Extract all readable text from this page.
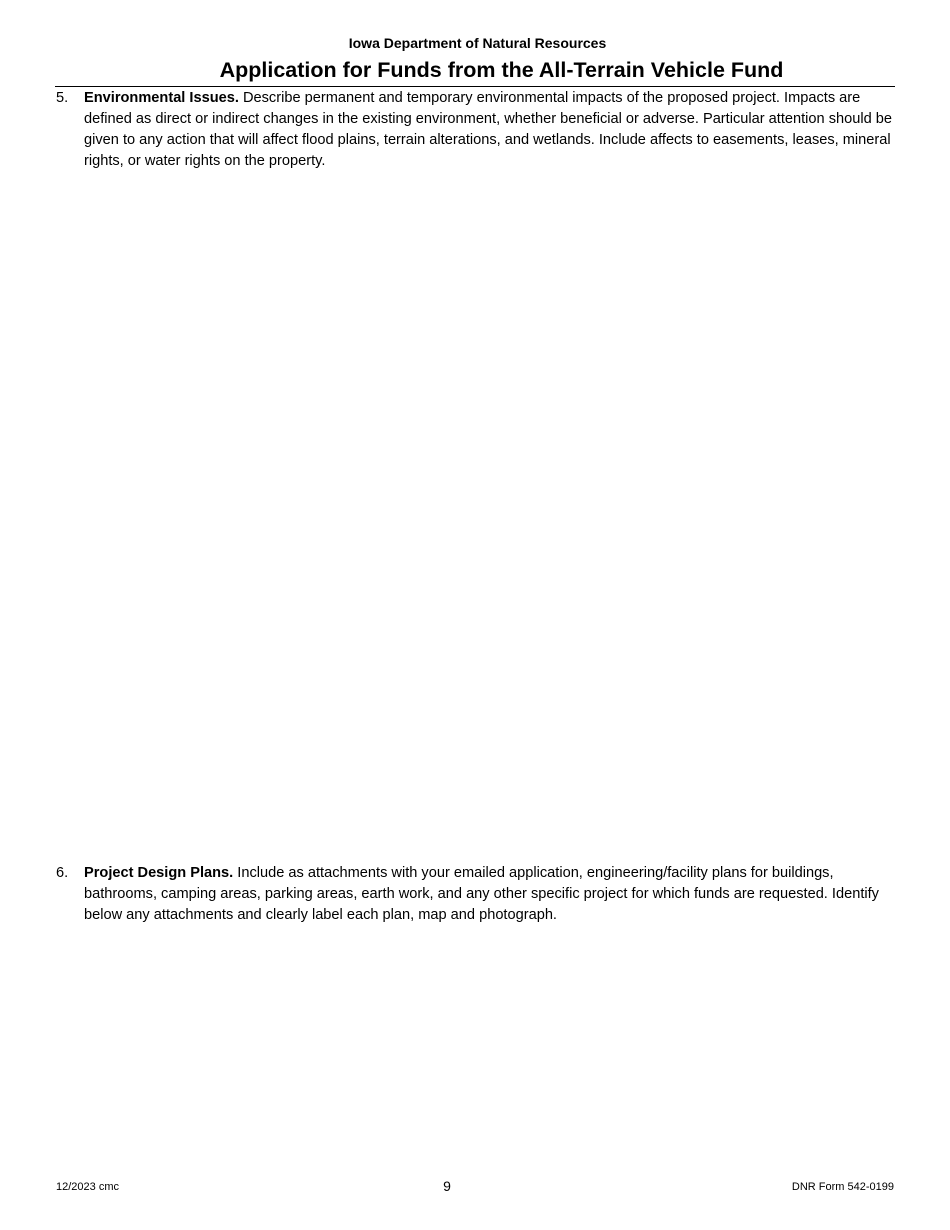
Iowa Department of Natural Resources
Application for Funds from the All-Terrain Vehicle Fund
5. Environmental Issues. Describe permanent and temporary environmental impacts of the proposed project. Impacts are defined as direct or indirect changes in the existing environment, whether beneficial or adverse. Particular attention should be given to any action that will affect flood plains, terrain alterations, and wetlands. Include affects to easements, leases, mineral rights, or water rights on the property.
6. Project Design Plans. Include as attachments with your emailed application, engineering/facility plans for buildings, bathrooms, camping areas, parking areas, earth work, and any other specific project for which funds are requested. Identify below any attachments and clearly label each plan, map and photograph.
12/2023 cmc	9	DNR Form 542-0199
